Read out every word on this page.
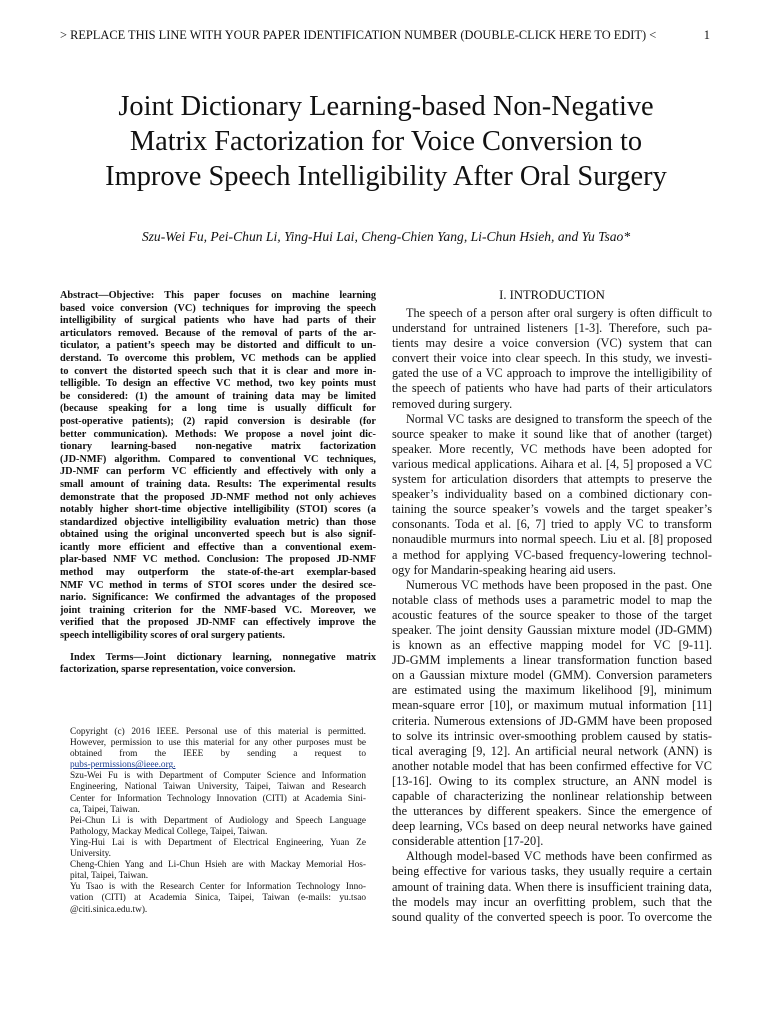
> REPLACE THIS LINE WITH YOUR PAPER IDENTIFICATION NUMBER (DOUBLE-CLICK HERE TO EDIT) <	1
Joint Dictionary Learning-based Non-Negative
Matrix Factorization for Voice Conversion to
Improve Speech Intelligibility After Oral Surgery
Szu-Wei Fu, Pei-Chun Li, Ying-Hui Lai, Cheng-Chien Yang, Li-Chun Hsieh, and Yu Tsao*
Abstract—Objective: This paper focuses on machine learning
based voice conversion (VC) techniques for improving the speech
intelligibility of surgical patients who have had parts of their
articulators removed. Because of the removal of parts of the ar-
ticulator, a patient’s speech may be distorted and difficult to un-
derstand. To overcome this problem, VC methods can be applied
to convert the distorted speech such that it is clear and more in-
telligible. To design an effective VC method, two key points must
be considered: (1) the amount of training data may be limited
(because speaking for a long time is usually difficult for
post-operative patients); (2) rapid conversion is desirable (for
better communication). Methods: We propose a novel joint dic-
tionary learning-based non-negative matrix factorization
(JD-NMF) algorithm. Compared to conventional VC techniques,
JD-NMF can perform VC efficiently and effectively with only a
small amount of training data. Results: The experimental results
demonstrate that the proposed JD-NMF method not only achieves
notably higher short-time objective intelligibility (STOI) scores (a
standardized objective intelligibility evaluation metric) than those
obtained using the original unconverted speech but is also signif-
icantly more efficient and effective than a conventional exem-
plar-based NMF VC method. Conclusion: The proposed JD-NMF
method may outperform the state-of-the-art exemplar-based
NMF VC method in terms of STOI scores under the desired sce-
nario. Significance: We confirmed the advantages of the proposed
joint training criterion for the NMF-based VC. Moreover, we
verified that the proposed JD-NMF can effectively improve the
speech intelligibility scores of oral surgery patients.
Index Terms—Joint dictionary learning, nonnegative matrix
factorization, sparse representation, voice conversion.
Copyright (c) 2016 IEEE. Personal use of this material is permitted.
However, permission to use this material for any other purposes must be
obtained from the IEEE by sending a request to
pubs-permissions@ieee.org.
Szu-Wei Fu is with Department of Computer Science and Information
Engineering, National Taiwan University, Taipei, Taiwan and Research
Center for Information Technology Innovation (CITI) at Academia Sini-
ca, Taipei, Taiwan.
Pei-Chun Li is with Department of Audiology and Speech Language
Pathology, Mackay Medical College, Taipei, Taiwan.
Ying-Hui Lai is with Department of Electrical Engineering, Yuan Ze
University.
Cheng-Chien Yang and Li-Chun Hsieh are with Mackay Memorial Hos-
pital, Taipei, Taiwan.
Yu Tsao is with the Research Center for Information Technology Inno-
vation (CITI) at Academia Sinica, Taipei, Taiwan (e-mails: yu.tsao
@citi.sinica.edu.tw).
I. INTRODUCTION
The speech of a person after oral surgery is often difficult to
understand for untrained listeners [1-3]. Therefore, such pa-
tients may desire a voice conversion (VC) system that can
convert their voice into clear speech. In this study, we investi-
gated the use of a VC approach to improve the intelligibility of
the speech of patients who have had parts of their articulators
removed during surgery.
Normal VC tasks are designed to transform the speech of the
source speaker to make it sound like that of another (target)
speaker. More recently, VC methods have been adopted for
various medical applications. Aihara et al. [4, 5] proposed a VC
system for articulation disorders that attempts to preserve the
speaker’s individuality based on a combined dictionary con-
taining the source speaker’s vowels and the target speaker’s
consonants. Toda et al. [6, 7] tried to apply VC to transform
nonaudible murmurs into normal speech. Liu et al. [8] proposed
a method for applying VC-based frequency-lowering technol-
ogy for Mandarin-speaking hearing aid users.
Numerous VC methods have been proposed in the past. One
notable class of methods uses a parametric model to map the
acoustic features of the source speaker to those of the target
speaker. The joint density Gaussian mixture model (JD-GMM)
is known as an effective mapping model for VC [9-11].
JD-GMM implements a linear transformation function based
on a Gaussian mixture model (GMM). Conversion parameters
are estimated using the maximum likelihood [9], minimum
mean-square error [10], or maximum mutual information [11]
criteria. Numerous extensions of JD-GMM have been proposed
to solve its intrinsic over-smoothing problem caused by statis-
tical averaging [9, 12]. An artificial neural network (ANN) is
another notable model that has been confirmed effective for VC
[13-16]. Owing to its complex structure, an ANN model is
capable of characterizing the nonlinear relationship between
the utterances by different speakers. Since the emergence of
deep learning, VCs based on deep neural networks have gained
considerable attention [17-20].
Although model-based VC methods have been confirmed as
being effective for various tasks, they usually require a certain
amount of training data. When there is insufficient training data,
the models may incur an overfitting problem, such that the
sound quality of the converted speech is poor. To overcome the
